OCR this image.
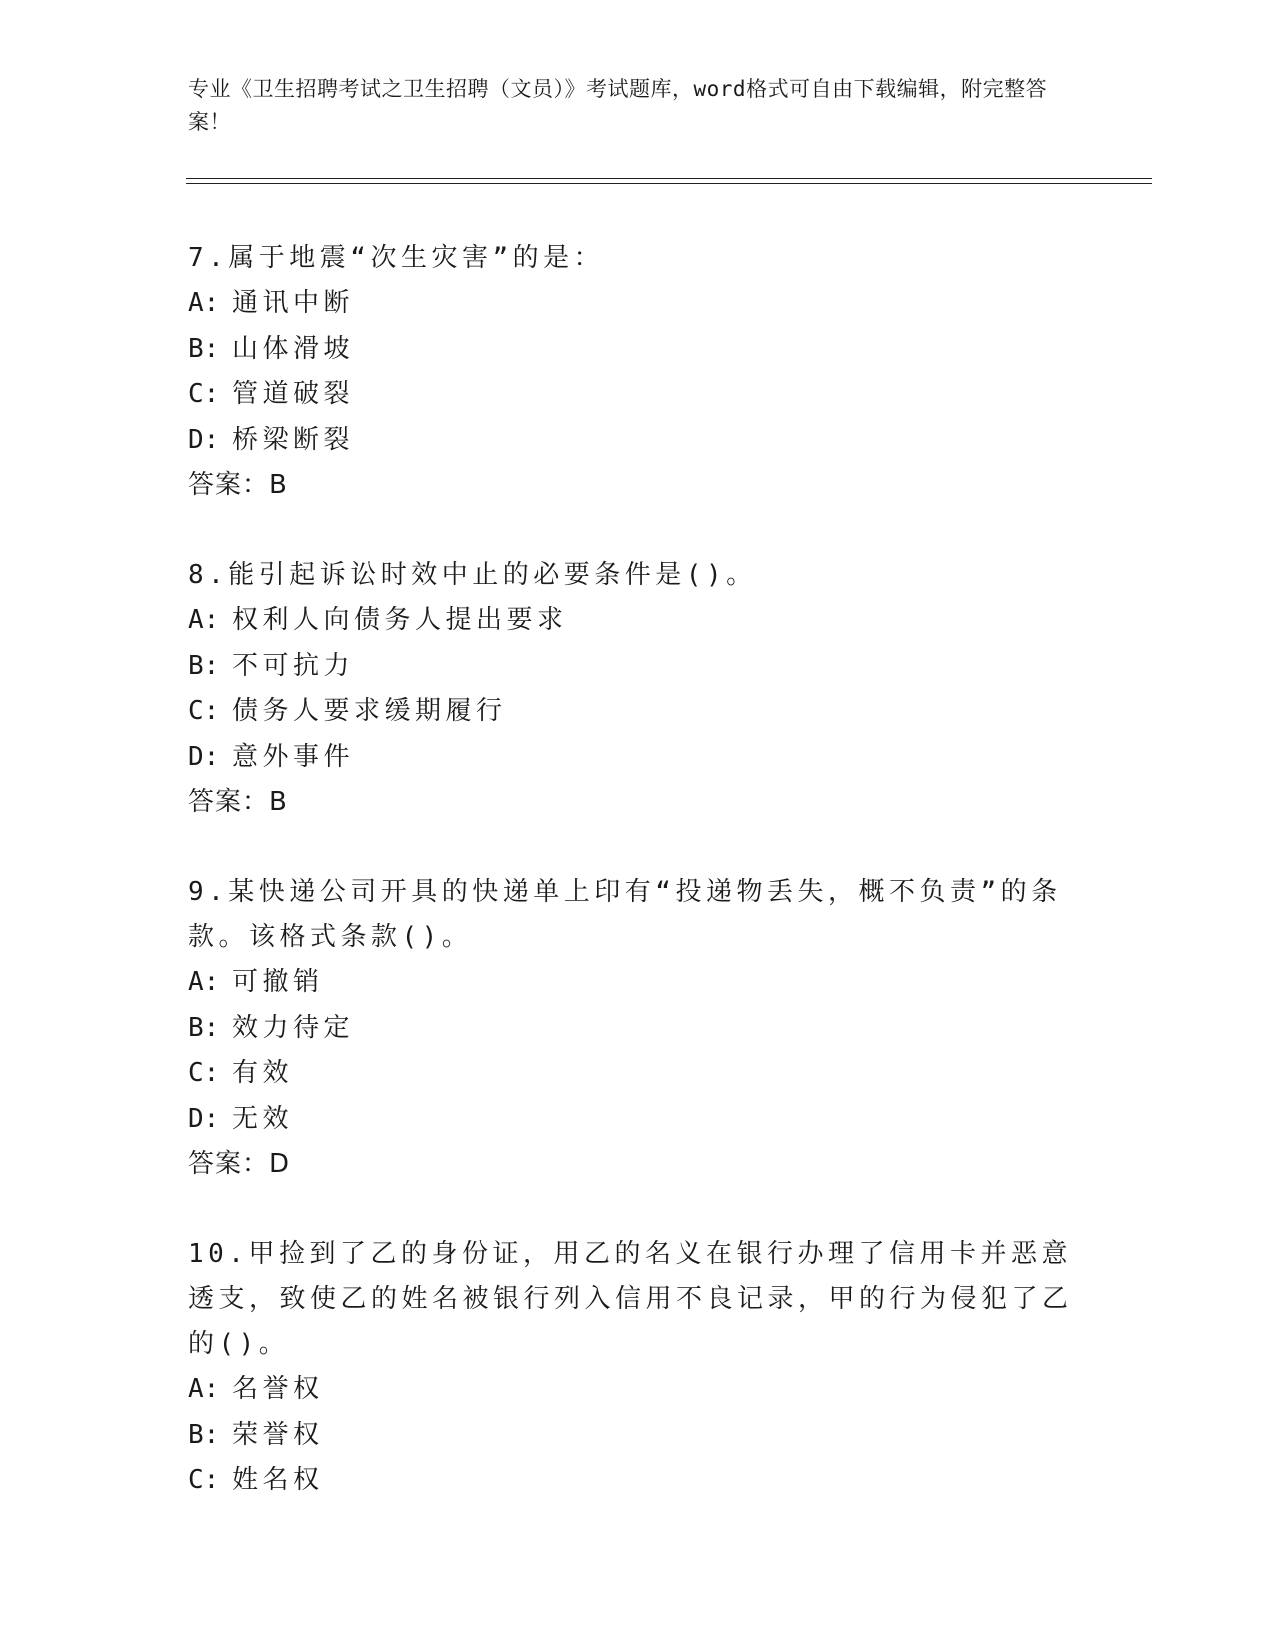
专业《卫生招聘考试之卫生招聘（文员）》考试题库，word格式可自由下载编辑，附完整答案！
7.属于地震“次生灾害”的是：
A: 通讯中断
B: 山体滑坡
C: 管道破裂
D: 桥梁断裂
答案：B
8.能引起诉讼时效中止的必要条件是()。
A: 权利人向债务人提出要求
B: 不可抗力
C: 债务人要求缓期履行
D: 意外事件
答案：B
9.某快递公司开具的快递单上印有“投递物丢失，概不负责”的条款。该格式条款()。
A: 可撤销
B: 效力待定
C: 有效
D: 无效
答案：D
10.甲捡到了乙的身份证，用乙的名义在银行办理了信用卡并恶意透支，致使乙的姓名被银行列入信用不良记录，甲的行为侵犯了乙的()。
A: 名誉权
B: 荣誉权
C: 姓名权
